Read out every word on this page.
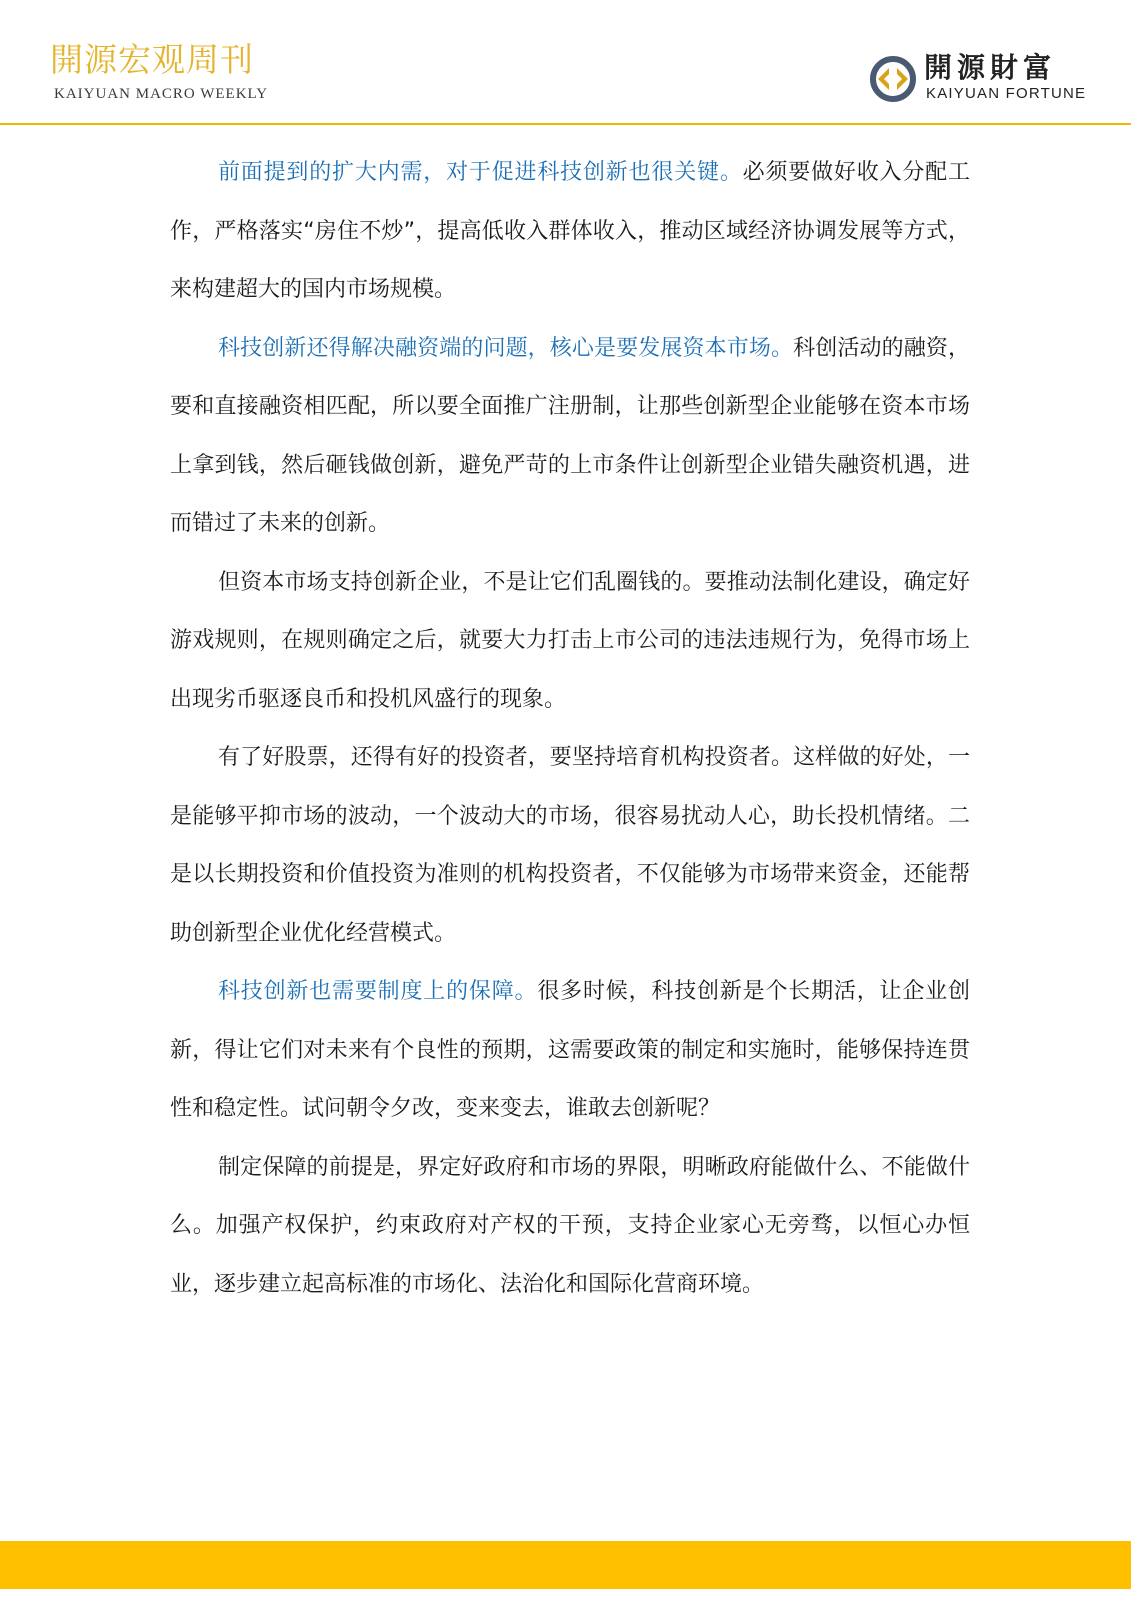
開源宏观周刊
KAIYUAN MACRO WEEKLY
開源財富
KAIYUAN FORTUNE

前面提到的扩大内需，对于促进科技创新也很关键。必须要做好收入分配工作，严格落实“房住不炒”，提高低收入群体收入，推动区域经济协调发展等方式，来构建超大的国内市场规模。

科技创新还得解决融资端的问题，核心是要发展资本市场。科创活动的融资，要和直接融资相匹配，所以要全面推广注册制，让那些创新型企业能够在资本市场上拿到钱，然后砸钱做创新，避免严苛的上市条件让创新型企业错失融资机遇，进而错过了未来的创新。

但资本市场支持创新企业，不是让它们乱圈钱的。要推动法制化建设，确定好游戏规则，在规则确定之后，就要大力打击上市公司的违法违规行为，免得市场上出现劣币驱逐良币和投机风盛行的现象。

有了好股票，还得有好的投资者，要坚持培育机构投资者。这样做的好处，一是能够平抑市场的波动，一个波动大的市场，很容易扰动人心，助长投机情绪。二是以长期投资和价值投资为准则的机构投资者，不仅能够为市场带来资金，还能帮助创新型企业优化经营模式。

科技创新也需要制度上的保障。很多时候，科技创新是个长期活，让企业创新，得让它们对未来有个良性的预期，这需要政策的制定和实施时，能够保持连贯性和稳定性。试问朝令夕改，变来变去，谁敢去创新呢？

制定保障的前提是，界定好政府和市场的界限，明晰政府能做什么、不能做什么。加强产权保护，约束政府对产权的干预，支持企业家心无旁骛，以恒心办恒业，逐步建立起高标准的市场化、法治化和国际化营商环境。
